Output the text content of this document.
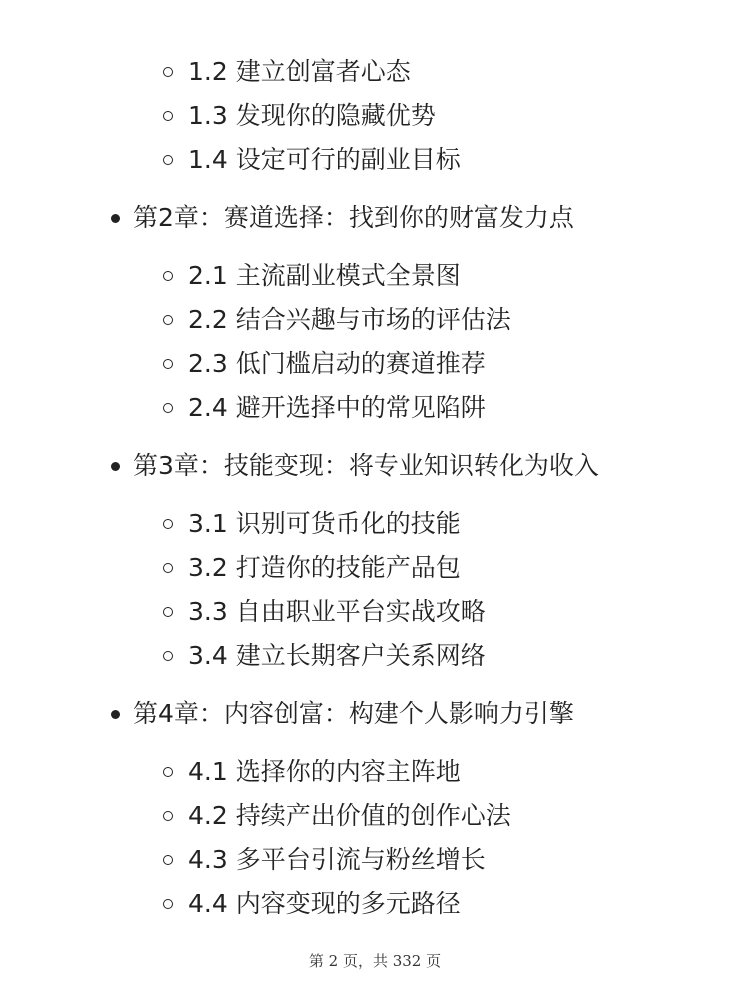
1.2 建立创富者心态
1.3 发现你的隐藏优势
1.4 设定可行的副业目标
第2章：赛道选择：找到你的财富发力点
2.1 主流副业模式全景图
2.2 结合兴趣与市场的评估法
2.3 低门槛启动的赛道推荐
2.4 避开选择中的常见陷阱
第3章：技能变现：将专业知识转化为收入
3.1 识别可货币化的技能
3.2 打造你的技能产品包
3.3 自由职业平台实战攻略
3.4 建立长期客户关系网络
第4章：内容创富：构建个人影响力引擎
4.1 选择你的内容主阵地
4.2 持续产出价值的创作心法
4.3 多平台引流与粉丝增长
4.4 内容变现的多元路径
第 2 页，共 332 页
